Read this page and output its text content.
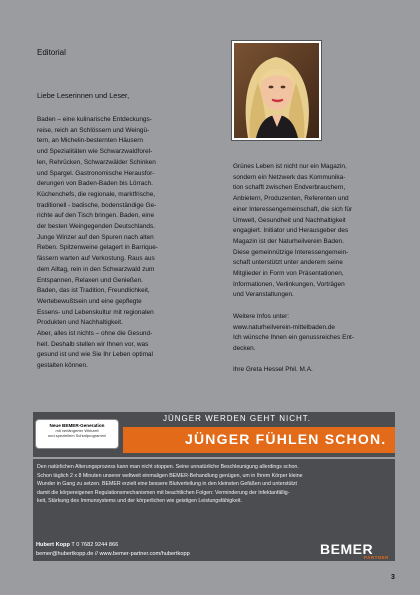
Editorial
Liebe Leserinnen und Leser,

Baden – eine kulinarische Entdeckungs-

reise, reich an Schlössern und Weingü-

tern, an Michelin-besternten Häusern

und Spezialitäten wie Schwarzwaldforel-

len, Rehrücken, Schwarzwälder Schinken

und Spargel. Gastronomische Herausfor-

derungen von Baden-Baden bis Lörrach.

Küchenchefs, die regionale, marktfrische,

traditionell - badische, bodenständige Ge-

richte auf den Tisch bringen. Baden, eine

der besten Weingegenden Deutschlands.

Junge Winzer auf den Spuren nach alten

Reben. Spitzenweine gelagert in Barrique-

fässern warten auf Verkostung. Raus aus

dem Alltag, rein in den Schwarzwald zum

Entspannen, Relaxen und Genießen.

Baden, das ist Tradition, Freundlichkeit,

Wertebewußtsein und eine gepflegte

Essens- und Lebenskultur mit regionalen

Produkten und Nachhaltigkeit.

Aber, alles ist nichts – ohne die Gesund-

heit. Deshalb stellen wir Ihnen vor, was

gesund ist und wie Sie Ihr Leben optimal

gestalten können.

Grünes Leben ist nicht nur ein Magazin,

sondern ein Netzwerk das Kommunika-

tion schafft zwischen Endverbrauchern,

Anbietern, Produzenten, Referenten und

einer Interessengemeinschaft, die sich für

Umwelt, Gesundheit und Nachhaltigkeit

engagiert. Initiator und Herausgeber des

Magazin ist der Naturheilverein Baden.

Diese gemeinnützige Interessengemein-

schaft unterstützt unter anderem seine

Mitglieder in Form von Präsentationen,

Informationen, Verlinkungen, Vorträgen

und Veranstaltungen.

Weitere Infos unter:

www.naturheilverein-mittelbaden.de

Ich wünsche Ihnen ein genussreiches Ent-

decken.

Ihre Greta Hessel Phil. M.A.

Neue BEMER-Generation
mit verlängerter Wirkzeit
und speziellem Schlafprogramm!
JÜNGER WERDEN GEHT NICHT.
JÜNGER FÜHLEN SCHON.
Den natürlichen Alterungsprozess kann man nicht stoppen. Seine unnatürliche Beschleunigung allerdings schon.
Schon täglich 2 x 8 Minuten unserer weltweit einmaligen BEMER-Behandlung genügen, um in Ihrem Körper kleine
Wunder in Gang zu setzen. BEMER erzielt eine bessere Blutverteilung in den kleinsten Gefäßen und unterstützt
damit die körpereigenen Regulationsmechanismen mit beachtlichen Folgen: Verminderung der Infektanfällig-
keit, Stärkung des Immunsystems und der körperlichen wie geistigen Leistungsfähigkeit.
Hubert Kopp T 0 7682 9244 866
bemer@hubertkopp.de // www.bemer-partner.com/hubertkopp	BEMER
PARTNER
3
